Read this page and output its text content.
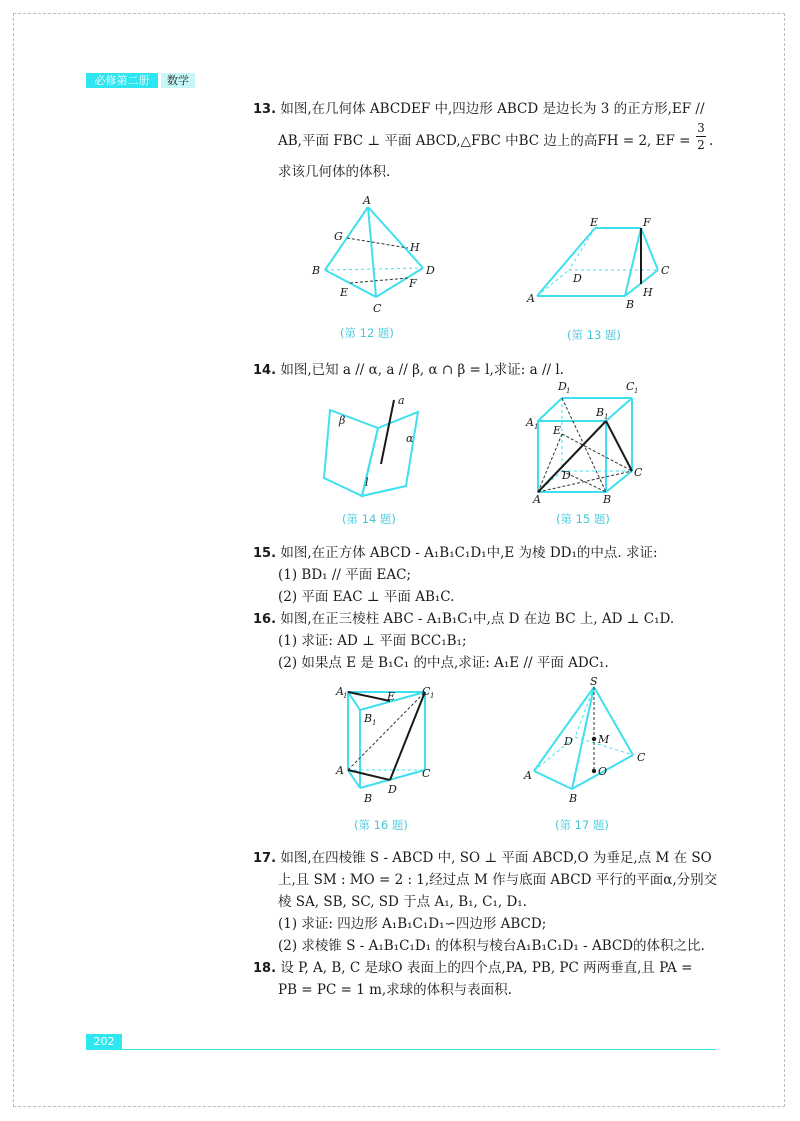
必修第二册	数学
13. 如图,在几何体 ABCDEF 中,四边形 ABCD 是边长为 3 的正方形,EF //
AB,平面 FBC ⊥ 平面 ABCD,△FBC 中BC 边上的高FH = 2, EF =
3
2 .
求该几何体的体积.
A
G
H
B	D
E
F
C
(第 12 题)
E	F
D
C
A	B
H
(第 13 题)
14. 如图,已知 a // α, a // β, α ∩ β = l,求证: a // l.
a
β
α
l
(第 14 题)
D 1	C 1
B 1
A 1 E
D	C
A	B
(第 15 题)
15. 如图,在正方体 ABCD - A₁B₁C₁D₁中,E 为棱 DD₁的中点. 求证:
(1) BD₁ // 平面 EAC;
(2) 平面 EAC ⊥ 平面 AB₁C.
16. 如图,在正三棱柱 ABC - A₁B₁C₁中,点 D 在边 BC 上, AD ⊥ C₁D.
(1) 求证: AD ⊥ 平面 BCC₁B₁;
(2) 如果点 E 是 B₁C₁ 的中点,求证: A₁E // 平面 ADC₁.
A 1	E C 1
B 1
A	C
D
B
(第 16 题)
S
D M
C
O
A
B
(第 17 题)
17. 如图,在四棱锥 S - ABCD 中, SO ⊥ 平面 ABCD,O 为垂足,点 M 在 SO
上,且 SM : MO = 2 : 1,经过点 M 作与底面 ABCD 平行的平面α,分别交
棱 SA, SB, SC, SD 于点 A₁, B₁, C₁, D₁.
(1) 求证: 四边形 A₁B₁C₁D₁∽四边形 ABCD;
(2) 求棱锥 S - A₁B₁C₁D₁ 的体积与棱台A₁B₁C₁D₁ - ABCD的体积之比.
18. 设 P, A, B, C 是球O 表面上的四个点,PA, PB, PC 两两垂直,且 PA =
PB = PC = 1 m,求球的体积与表面积.
202
